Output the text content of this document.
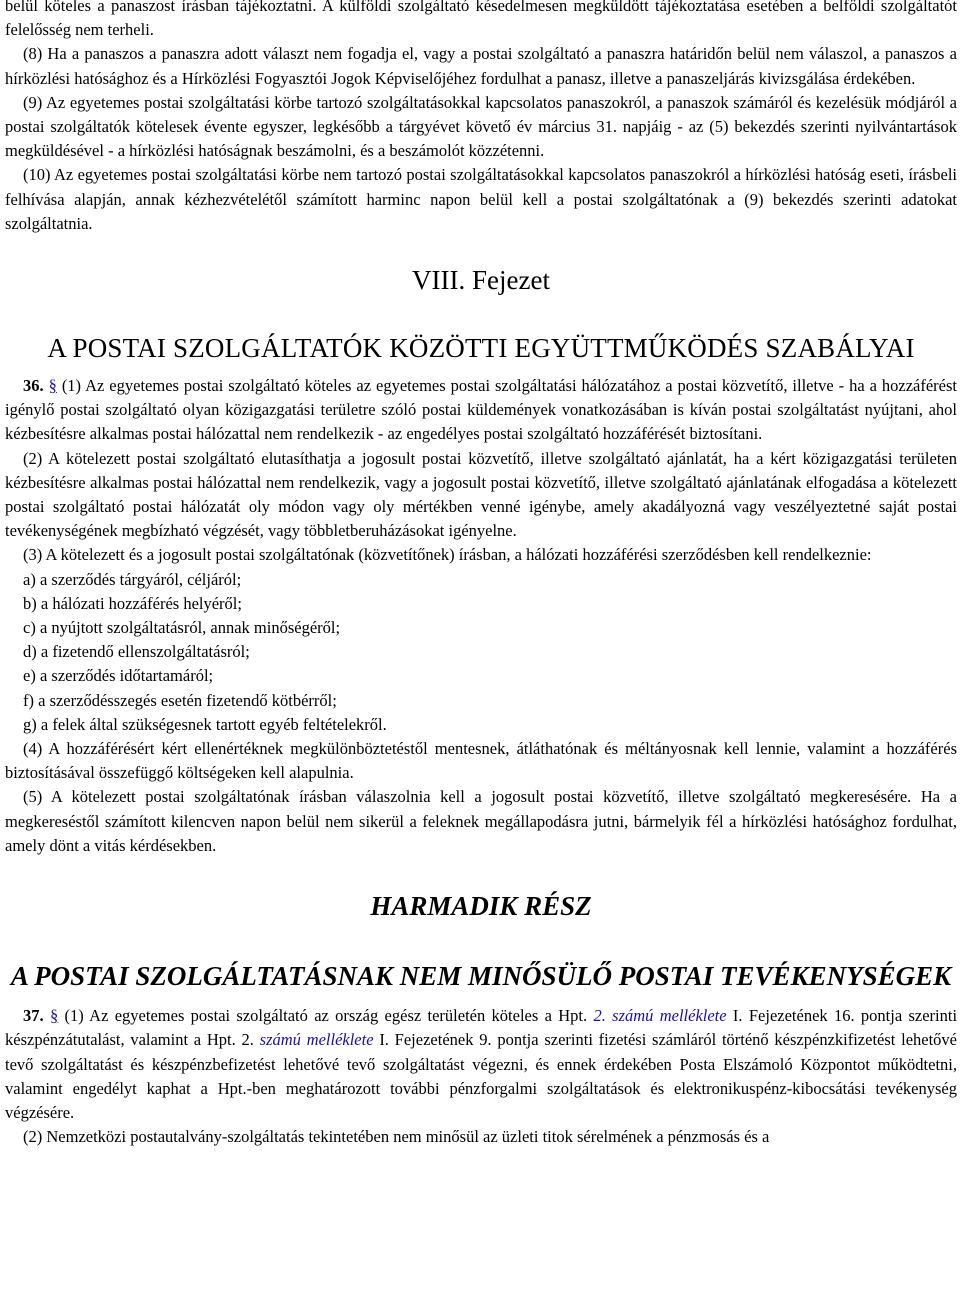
belül köteles a panaszost írásban tájékoztatni. A külföldi szolgáltató késedelmesen megküldött tájékoztatása esetében a belföldi szolgáltatót felelősség nem terheli.

(8) Ha a panaszos a panaszra adott választ nem fogadja el, vagy a postai szolgáltató a panaszra határidőn belül nem válaszol, a panaszos a hírközlési hatósághoz és a Hírközlési Fogyasztói Jogok Képviselőjéhez fordulhat a panasz, illetve a panaszeljárás kivizsgálása érdekében.

(9) Az egyetemes postai szolgáltatási körbe tartozó szolgáltatásokkal kapcsolatos panaszokról, a panaszok számáról és kezelésük módjáról a postai szolgáltatók kötelesek évente egyszer, legkésőbb a tárgyévet követő év március 31. napjáig - az (5) bekezdés szerinti nyilvántartások megküldésével - a hírközlési hatóságnak beszámolni, és a beszámolót közzétenni.

(10) Az egyetemes postai szolgáltatási körbe nem tartozó postai szolgáltatásokkal kapcsolatos panaszokról a hírközlési hatóság eseti, írásbeli felhívása alapján, annak kézhezvételétől számított harminc napon belül kell a postai szolgáltatónak a (9) bekezdés szerinti adatokat szolgáltatnia.

VIII. Fejezet
A POSTAI SZOLGÁLTATÓK KÖZÖTTI EGYÜTTMŰKÖDÉS SZABÁLYAI

36. § (1) Az egyetemes postai szolgáltató köteles az egyetemes postai szolgáltatási hálózatához a postai közvetítő, illetve - ha a hozzáférést igénylő postai szolgáltató olyan közigazgatási területre szóló postai küldemények vonatkozásában is kíván postai szolgáltatást nyújtani, ahol kézbesítésre alkalmas postai hálózattal nem rendelkezik - az engedélyes postai szolgáltató hozzáférését biztosítani.

(2) A kötelezett postai szolgáltató elutasíthatja a jogosult postai közvetítő, illetve szolgáltató ajánlatát, ha a kért közigazgatási területen kézbesítésre alkalmas postai hálózattal nem rendelkezik, vagy a jogosult postai közvetítő, illetve szolgáltató ajánlatának elfogadása a kötelezett postai szolgáltató postai hálózatát oly módon vagy oly mértékben venné igénybe, amely akadályozná vagy veszélyeztetné saját postai tevékenységének megbízható végzését, vagy többletberuházásokat igényelne.

(3) A kötelezett és a jogosult postai szolgáltatónak (közvetítőnek) írásban, a hálózati hozzáférési szerződésben kell rendelkeznie:

a) a szerződés tárgyáról, céljáról;
b) a hálózati hozzáférés helyéről;
c) a nyújtott szolgáltatásról, annak minőségéről;
d) a fizetendő ellenszolgáltatásról;
e) a szerződés időtartamáról;
f) a szerződésszegés esetén fizetendő kötbérről;
g) a felek által szükségesnek tartott egyéb feltételekről.

(4) A hozzáférésért kért ellenértéknek megkülönböztetéstől mentesnek, átláthatónak és méltányosnak kell lennie, valamint a hozzáférés biztosításával összefüggő költségeken kell alapulnia.

(5) A kötelezett postai szolgáltatónak írásban válaszolnia kell a jogosult postai közvetítő, illetve szolgáltató megkeresésére. Ha a megkereséstől számított kilencven napon belül nem sikerül a feleknek megállapodásra jutni, bármelyik fél a hírközlési hatósághoz fordulhat, amely dönt a vitás kérdésekben.

HARMADIK RÉSZ
A POSTAI SZOLGÁLTATÁSNAK NEM MINŐSÜLŐ POSTAI TEVÉKENYSÉGEK

37. § (1) Az egyetemes postai szolgáltató az ország egész területén köteles a Hpt. 2. számú melléklete I. Fejezetének 16. pontja szerinti készpénzátutalást, valamint a Hpt. 2. számú melléklete I. Fejezetének 9. pontja szerinti fizetési számláról történő készpénzkifizetést lehetővé tevő szolgáltatást és készpénzbefizetést lehetővé tevő szolgáltatást végezni, és ennek érdekében Posta Elszámoló Központot működtetni, valamint engedélyt kaphat a Hpt.-ben meghatározott további pénzforgalmi szolgáltatások és elektronikuspénz-kibocsátási tevékenység végzésére.

(2) Nemzetközi postautalvány-szolgáltatás tekintetében nem minősül az üzleti titok sérelmének a pénzmosás és a
